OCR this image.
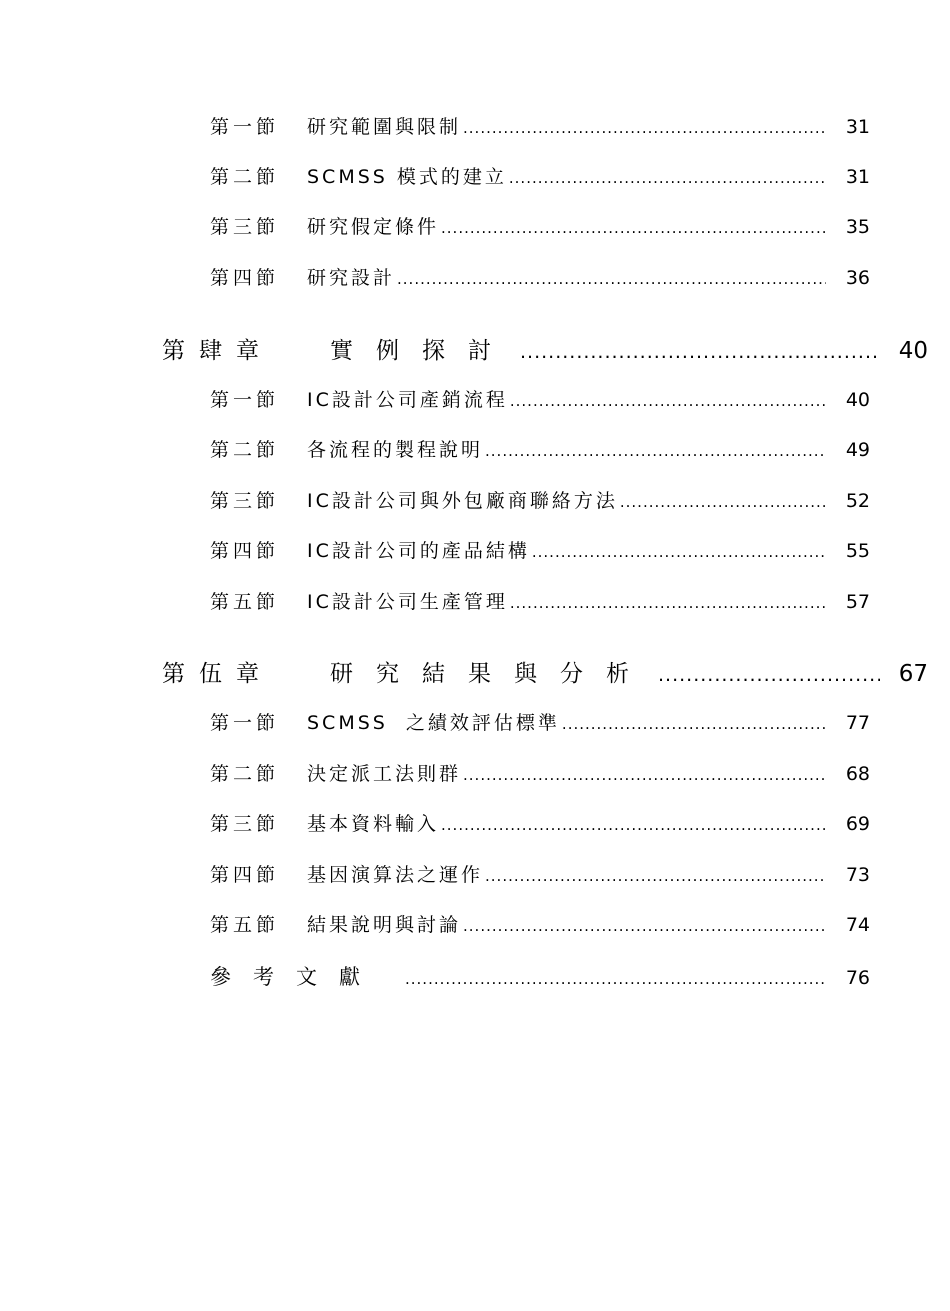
第一節	研究範圍與限制 .....	31
第二節	SCMSS 模式的建立 .....	31
第三節	研究假定條件 .....	35
第四節	研究設計 .....	36
第肆章	實例探討 .....	40
第一節	IC設計公司產銷流程 .....	40
第二節	各流程的製程說明 .....	49
第三節	IC設計公司與外包廠商聯絡方法 .....	52
第四節	IC設計公司的產品結構 .....	55
第五節	IC設計公司生產管理 .....	57
第伍章	研究結果與分析 .....	67
第一節	SCMSS  之績效評估標準 .....	77
第二節	決定派工法則群 .....	68
第三節	基本資料輸入 .....	69
第四節	基因演算法之運作 .....	73
第五節	結果說明與討論 .....	74
參考文獻 .....	76
